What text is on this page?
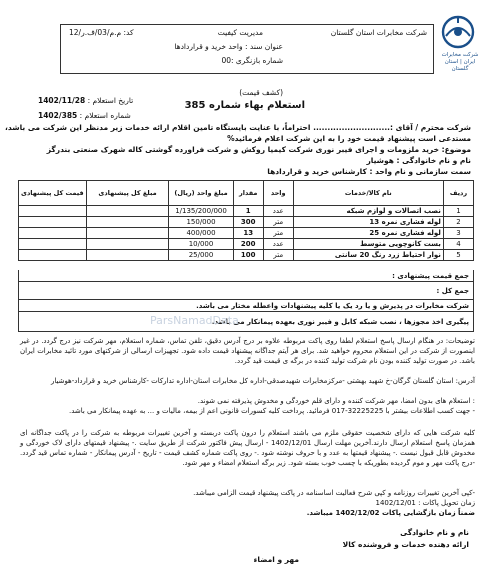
شرکت مخابرات ایران | استان گلستان
شرکت مخابرات استان گلستان
مدیریت کیفیت
کد: م.م/03/ف.ر/12
عنوان سند : واحد خرید و قراردادها
شماره بازنگری :00
(کشف قیمت)
استعلام بهاء شماره 385
تاریخ استعلام : 1402/11/28
شماره استعلام : 1402/385
شرکت محترم / آقای :........................... احتراماً، با عنایت بایستگاه تامین اقلام ارائه خدمات زیر مدنظر این شرکت می باشد،
مستدعی است پیشنهاد قیمت خود را به این شرکت اعلام فرمائید%
موضوع: خرید ملزومات و اجرای فیبر نوری شرکت کیمیا روکش و شرکت فراورده گوشتی کاله شهرک صنعتی بندرگز
نام و نام خانوادگی : هوشیار
سمت سازمانی و نام واحد : کارشناس خرید و قراردادها
ردیف	نام کالا/خدمات	واحد	مقدار	مبلغ واحد (ریال)	مبلغ کل پیشنهادی	قیمت کل پیشنهادی
1	نصب اتصالات و لوازم شبکه	عدد	1	1/135/200/000		
2	لوله فشاری نمره 13	متر	300	150/000		
3	لوله فشاری نمره 25	متر	13	400/000		
4	بست کانوچویی متوسط	عدد	200	10/000		
5	نوار احتیاط زرد رنگ 20 سانتی	متر	100	25/000		
جمع قیمت پیشنهادی :
جمع کل :
شرکت مخابرات در پذیرش و یا رد یک یا کلیه پیشنهادات واعطله مختار می باشد.
پیگیری اخذ مجوزها ، نصب شبکه کابل و فیبر نوری بعهده پیمانکار می باشد.
ParsNamadData
توضیحات: در هنگام ارسال پاسخ استعلام لطفا روی پاکت مربوطه علاوه بر درج آدرس دقیق، تلفن تماس، شماره استعلام، مهر شرکت نیز درج گردد. در غیر اینصورت از شرکت در این استعلام محروم خواهید شد. برای هر آیتم جداگانه پیشنهاد قیمت داده شود. تجهیزات ارسالی از شرکتهای مورد تائید مخابرات ایران باشد. در صورت تولید کننده بودن نام شرکت تولید کننده در برگه ی قیمت قید گردد.
آدرس: استان گلستان گرگان-خ شهید بهشتی -مرکزمخابرات شهیدصدقی-اداره کل مخابرات استان-اداره تدارکات -کارشناس خرید و قرارداد-هوشیار
: استعلام های بدون امضا، مهر شرکت کننده و دارای قلم خوردگی و مخدوش پذیرفته نمی شوند.
- جهت کسب اطلاعات بیشتر با 32225225-017 فرمائید. پرداخت کلیه کسورات قانونی اعم از بیمه، مالیات و ... به عهده پیمانکار می باشد.
کلیه شرکت هایی که دارای شخصیت حقوقی ملزم می باشند استعلام را درون پاکت دربسته و آخرین تغییرات مربوطه به شرکت را در پاکت جداگانه ای همزمان پاسخ استعلام ارسال دارند.آخرین مهلت ارسال 1402/12/01 - ارسال پیش فاکتور شرکت از طریق سایت .- پیشنهاد قیمتهای دارای لاک خوردگی و مخدوش قابل قبول نیست .- پیشنهاد قیمتها به عدد و با حروف نوشته شود .- روی پاکت شماره کشف قیمت - تاریخ - آدرس پیمانکار - شماره تماس قید گردد. -درج پاکت مهر و موم گردیده بطوریکه با چسب خوب بسته شود. زیر برگه استعلام امضاء و مهر شود.
-کپی آخرین تغییرات روزنامه و کپی شرح فعالیت اساسنامه در پاکت پیشنهاد قیمت الزامی میباشد.
زمان تحویل پاکات : 1402/12/01
ضمناً زمان بازگشایی پاکات 1402/12/02 میباشد.
نام و نام خانوادگی
ارائه دهنده خدمات و فروشنده کالا
مهر و امضاء
